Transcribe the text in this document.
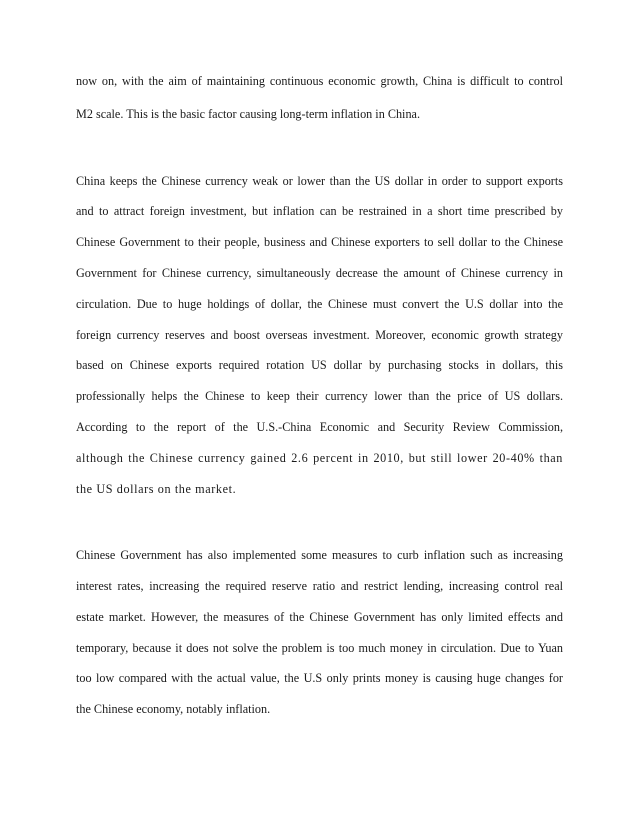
now on, with the aim of maintaining continuous economic growth, China is difficult to control
M2 scale. This is the basic factor causing long-term inflation in China.
China keeps the Chinese currency weak or lower than the US dollar in order to support exports
and to attract foreign investment, but inflation can be restrained in a short time prescribed by
Chinese Government to their people, business and Chinese exporters to sell dollar to the Chinese
Government for Chinese currency, simultaneously decrease the amount of Chinese currency in
circulation. Due to huge holdings of dollar, the Chinese must convert the U.S dollar into the
foreign currency reserves and boost overseas investment. Moreover, economic growth strategy
based on Chinese exports required rotation US dollar by purchasing stocks in dollars, this
professionally helps the Chinese to keep their currency lower than the price of US dollars.
According to the report of the U.S.-China Economic and Security Review Commission,
although the Chinese currency gained 2.6 percent in 2010, but still lower 20-40% than
the US dollars on the market.
Chinese Government has also implemented some measures to curb inflation such as increasing
interest rates, increasing the required reserve ratio and restrict lending, increasing control real
estate market. However, the measures of the Chinese Government has only limited effects and
temporary, because it does not solve the problem is too much money in circulation. Due to Yuan
too low compared with the actual value, the U.S only prints money is causing huge changes for
the Chinese economy, notably inflation.
